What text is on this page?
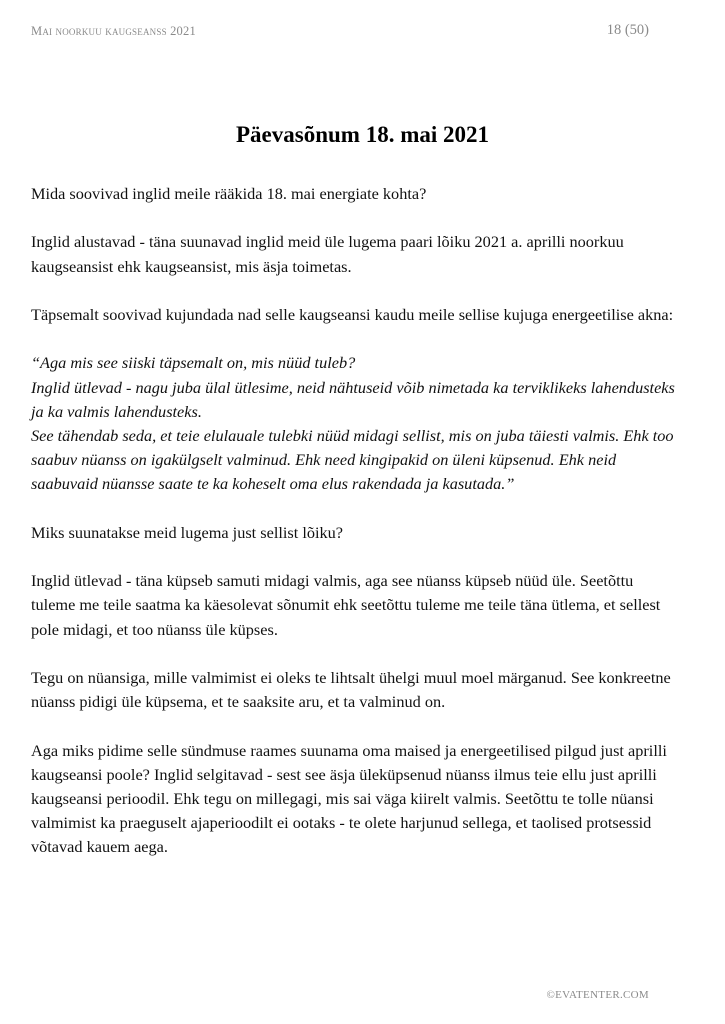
Mai noorkuu kaugseanss 2021	18 (50)
Päevasõnum 18. mai 2021

Mida soovivad inglid meile rääkida 18. mai energiate kohta?

Inglid alustavad - täna suunavad inglid meid üle lugema paari lõiku 2021 a. aprilli noorkuu kaugseansist ehk kaugseansist, mis äsja toimetas.

Täpsemalt soovivad kujundada nad selle kaugseansi kaudu meile sellise kujuga energeetilise akna:

“Aga mis see siiski täpsemalt on, mis nüüd tuleb?
Inglid ütlevad - nagu juba ülal ütlesime, neid nähtuseid võib nimetada ka terviklikeks lahendusteks ja ka valmis lahendusteks.
See tähendab seda, et teie elulauale tulebki nüüd midagi sellist, mis on juba täiesti valmis. Ehk too saabuv nüanss on igakülgselt valminud. Ehk need kingipakid on üleni küpsenud. Ehk neid saabuvaid nüansse saate te ka koheselt oma elus rakendada ja kasutada.”

Miks suunatakse meid lugema just sellist lõiku?

Inglid ütlevad - täna küpseb samuti midagi valmis, aga see nüanss küpseb nüüd üle. Seetõttu tuleme me teile saatma ka käesolevat sõnumit ehk seetõttu tuleme me teile täna ütlema, et sellest pole midagi, et too nüanss üle küpses.

Tegu on nüansiga, mille valmimist ei oleks te lihtsalt ühelgi muul moel märganud. See konkreetne nüanss pidigi üle küpsema, et te saaksite aru, et ta valminud on.

Aga miks pidime selle sündmuse raames suunama oma maised ja energeetilised pilgud just aprilli kaugseansi poole? Inglid selgitavad - sest see äsja üleküpsenud nüanss ilmus teie ellu just aprilli kaugseansi perioodil. Ehk tegu on millegagi, mis sai väga kiirelt valmis. Seetõttu te tolle nüansi valmimist ka praeguselt ajaperioodilt ei ootaks - te olete harjunud sellega, et taolised protsessid võtavad kauem aega.

©EVATENTER.COM
